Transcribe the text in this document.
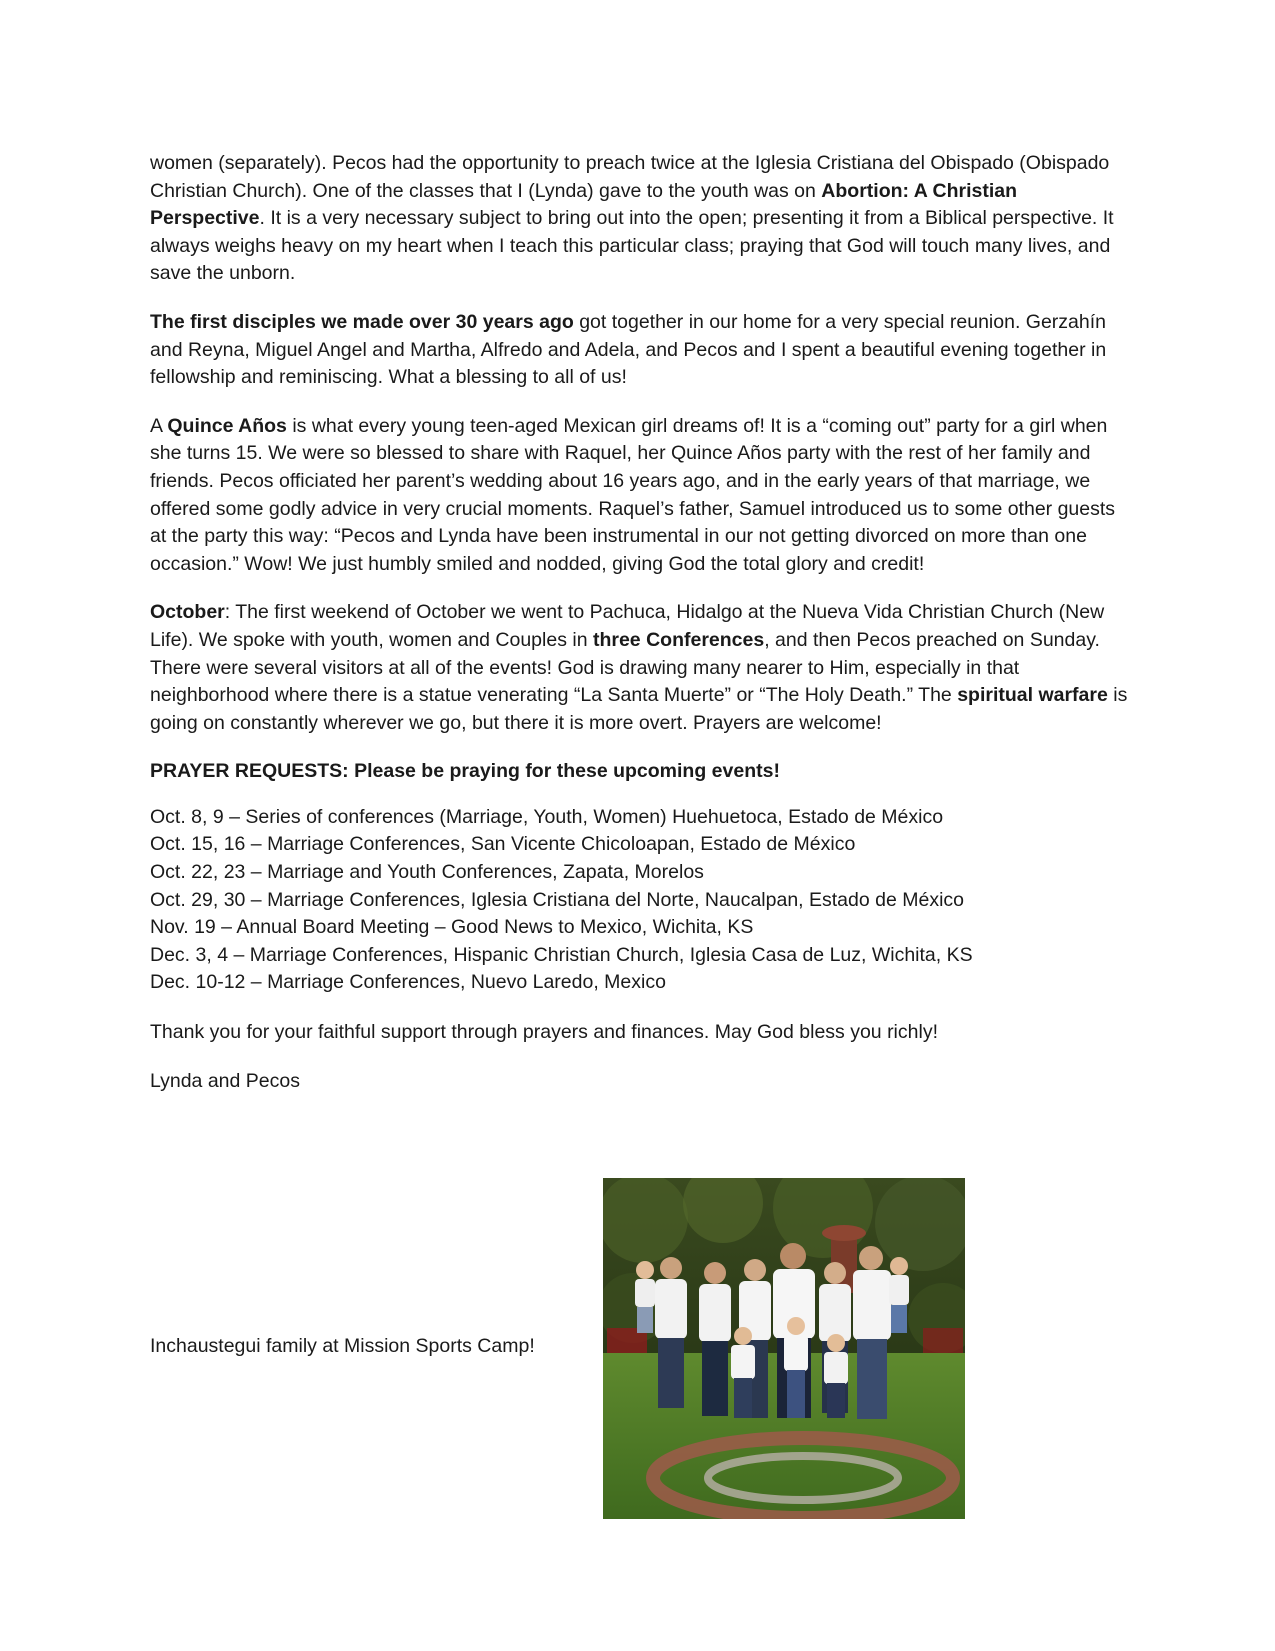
women (separately). Pecos had the opportunity to preach twice at the Iglesia Cristiana del Obispado (Obispado Christian Church). One of the classes that I (Lynda) gave to the youth was on Abortion: A Christian Perspective. It is a very necessary subject to bring out into the open; presenting it from a Biblical perspective. It always weighs heavy on my heart when I teach this particular class; praying that God will touch many lives, and save the unborn.

The first disciples we made over 30 years ago got together in our home for a very special reunion. Gerzahín and Reyna, Miguel Angel and Martha, Alfredo and Adela, and Pecos and I spent a beautiful evening together in fellowship and reminiscing. What a blessing to all of us!

A Quince Años is what every young teen-aged Mexican girl dreams of! It is a “coming out” party for a girl when she turns 15. We were so blessed to share with Raquel, her Quince Años party with the rest of her family and friends. Pecos officiated her parent’s wedding about 16 years ago, and in the early years of that marriage, we offered some godly advice in very crucial moments. Raquel’s father, Samuel introduced us to some other guests at the party this way: “Pecos and Lynda have been instrumental in our not getting divorced on more than one occasion.” Wow! We just humbly smiled and nodded, giving God the total glory and credit!

October: The first weekend of October we went to Pachuca, Hidalgo at the Nueva Vida Christian Church (New Life). We spoke with youth, women and Couples in three Conferences, and then Pecos preached on Sunday. There were several visitors at all of the events! God is drawing many nearer to Him, especially in that neighborhood where there is a statue venerating “La Santa Muerte” or “The Holy Death.” The spiritual warfare is going on constantly wherever we go, but there it is more overt. Prayers are welcome!

PRAYER REQUESTS: Please be praying for these upcoming events!

Oct. 8, 9 – Series of conferences (Marriage, Youth, Women) Huehuetoca, Estado de México
Oct. 15, 16 – Marriage Conferences, San Vicente Chicoloapan, Estado de México
Oct. 22, 23 – Marriage and Youth Conferences, Zapata, Morelos
Oct. 29, 30 – Marriage Conferences, Iglesia Cristiana del Norte, Naucalpan, Estado de México
Nov. 19 – Annual Board Meeting – Good News to Mexico, Wichita, KS
Dec. 3, 4 – Marriage Conferences, Hispanic Christian Church, Iglesia Casa de Luz, Wichita, KS
Dec. 10-12 – Marriage Conferences, Nuevo Laredo, Mexico

Thank you for your faithful support through prayers and finances. May God bless you richly!

Lynda and Pecos

Inchaustegui family at Mission Sports Camp!
